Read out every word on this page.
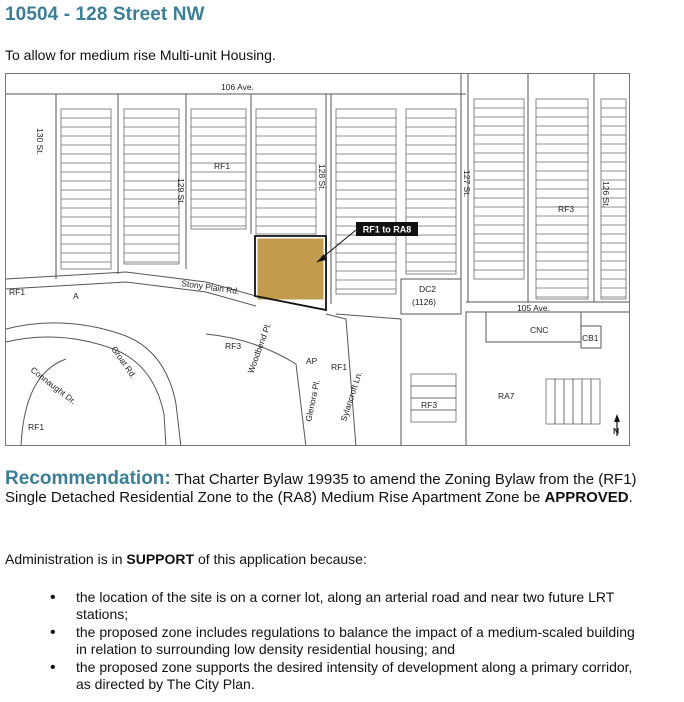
10504 - 128 Street NW
To allow for medium rise Multi-unit Housing.
RF1 to RA8
106 Ave.
130 St.
129 St.
128 St.	127 St.	126 St.
105 Ave.
Stony Plain Rd.
Groat Rd.
Connaught Dr.
Woodbend Pl.
Glenora Pl. Sylancroft Ln.
RF1
RF1
RF1
RF1
A
RF3
RF3
RF3
DC2
(1126)
CNC
CB1
AP
RA7
N
Recommendation: That Charter Bylaw 19935 to amend the Zoning Bylaw from the (RF1) Single Detached Residential Zone to the (RA8) Medium Rise Apartment Zone be APPROVED.
Administration is in SUPPORT of this application because:
• the location of the site is on a corner lot, along an arterial road and near two future LRT stations;
• the proposed zone includes regulations to balance the impact of a medium-scaled building in relation to surrounding low density residential housing; and
• the proposed zone supports the desired intensity of development along a primary corridor, as directed by The City Plan.
